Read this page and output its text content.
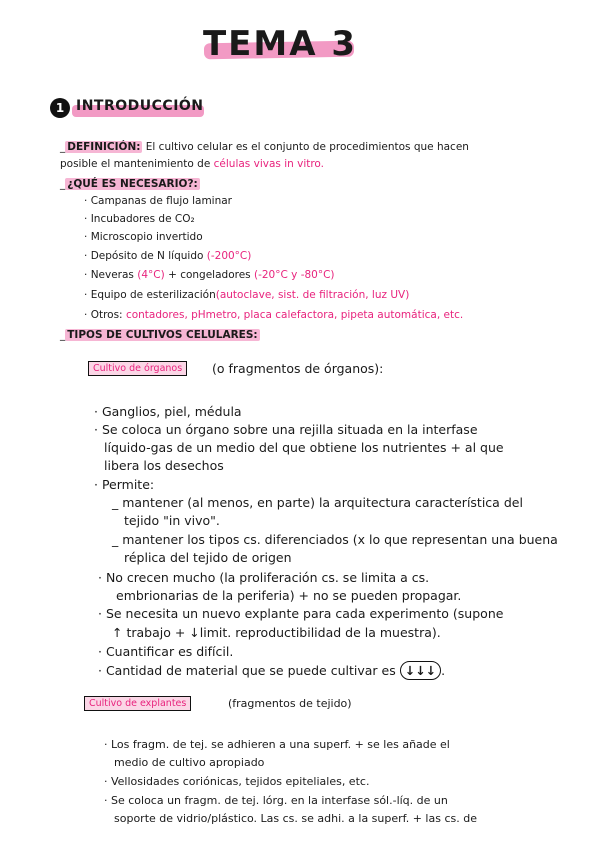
TEMA 3
1 INTRODUCCIÓN
_ DEFINICIÓN: El cultivo celular es el conjunto de procedimientos que hacen
posible el mantenimiento de células vivas in vitro.
_ ¿QUÉ ES NECESARIO?:
· Campanas de flujo laminar
· Incubadores de CO₂
· Microscopio invertido
· Depósito de N líquido (-200°C)
· Neveras (4°C) + congeladores (-20°C y -80°C)
· Equipo de esterilización(autoclave, sist. de filtración, luz UV)
· Otros: contadores, pHmetro, placa calefactora, pipeta automática, etc.
_ TIPOS DE CULTIVOS CELULARES:
Cultivo de órganos	(o fragmentos de órganos):
· Ganglios, piel, médula
· Se coloca un órgano sobre una rejilla situada en la interfase
líquido-gas de un medio del que obtiene los nutrientes + al que
libera los desechos
· Permite:
_ mantener (al menos, en parte) la arquitectura característica del
tejido "in vivo".
_ mantener los tipos cs. diferenciados (x lo que representan una buena
réplica del tejido de origen
· No crecen mucho (la proliferación cs. se limita a cs.
embrionarias de la periferia) + no se pueden propagar.
· Se necesita un nuevo explante para cada experimento (supone
↑ trabajo + ↓limit. reproductibilidad de la muestra).
· Cuantificar es difícil.
· Cantidad de material que se puede cultivar es ↓↓↓ .
Cultivo de explantes	(fragmentos de tejido)
· Los fragm. de tej. se adhieren a una superf. + se les añade el
medio de cultivo apropiado
· Vellosidades coriónicas, tejidos epiteliales, etc.
· Se coloca un fragm. de tej. lórg. en la interfase sól.-líq. de un
soporte de vidrio/plástico. Las cs. se adhi. a la superf. + las cs. de
